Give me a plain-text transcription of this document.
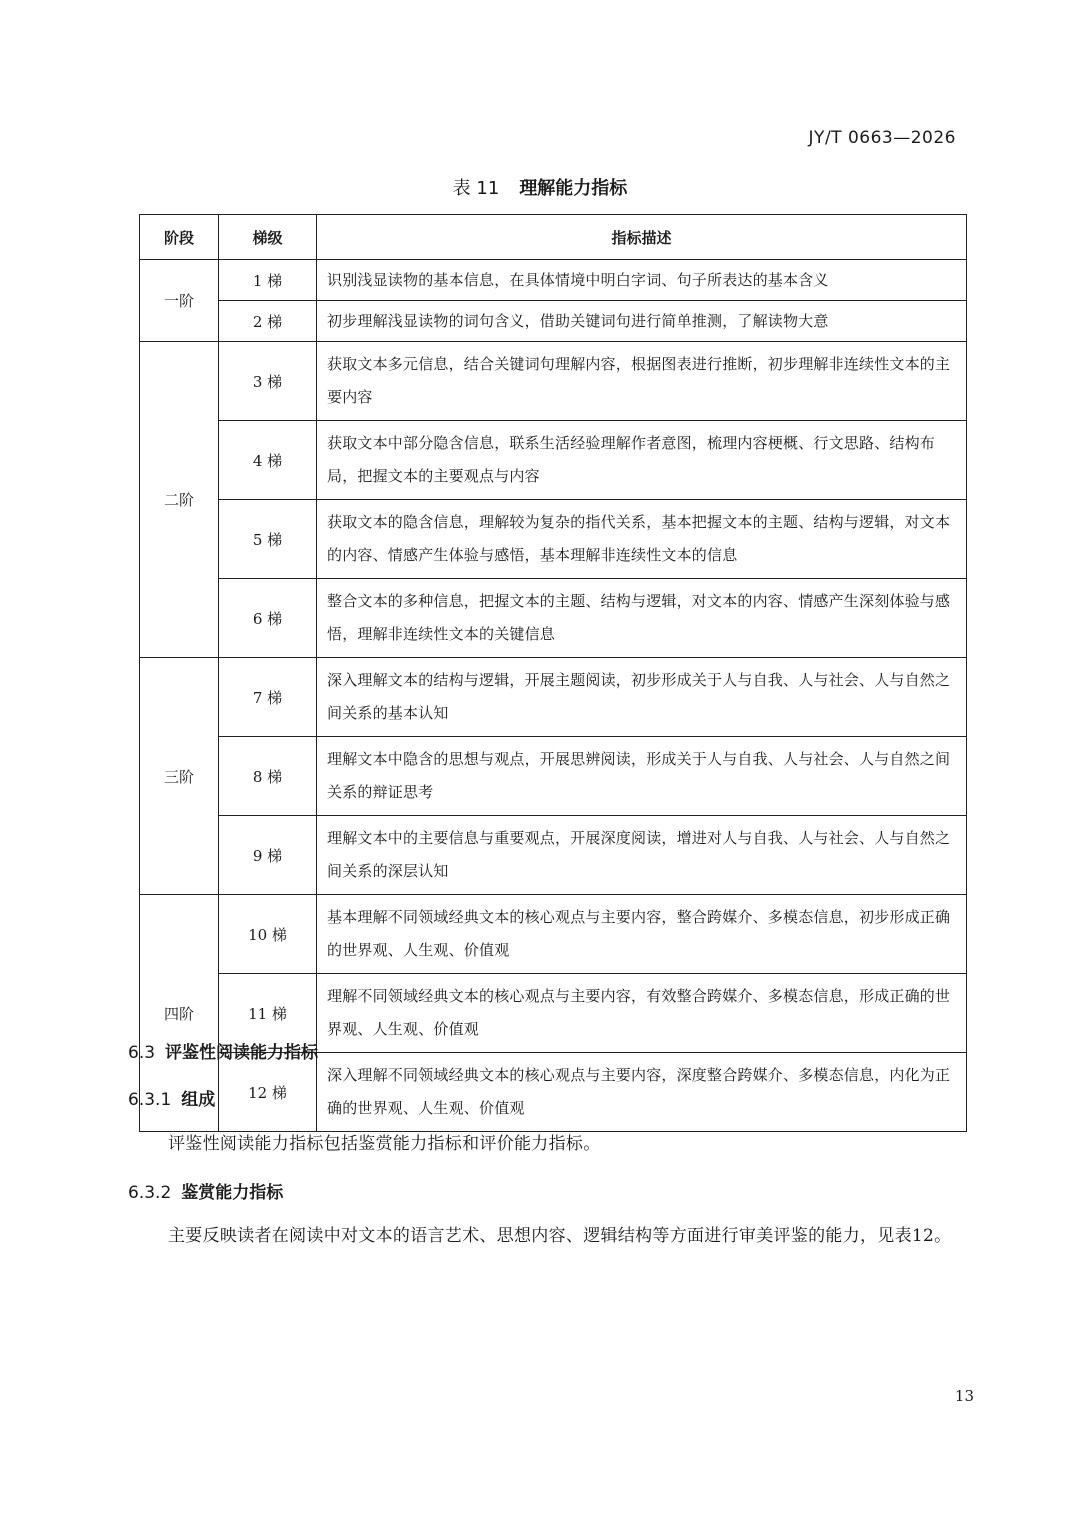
JY/T 0663—2026
表 11 理解能力指标
阶段	梯级	指标描述
一阶	1 梯	识别浅显读物的基本信息，在具体情境中明白字词、句子所表达的基本含义
	2 梯	初步理解浅显读物的词句含义，借助关键词句进行简单推测，了解读物大意
二阶	3 梯	获取文本多元信息，结合关键词句理解内容，根据图表进行推断，初步理解非连续性文本的主要内容
	4 梯	获取文本中部分隐含信息，联系生活经验理解作者意图，梳理内容梗概、行文思路、结构布局，把握文本的主要观点与内容
	5 梯	获取文本的隐含信息，理解较为复杂的指代关系，基本把握文本的主题、结构与逻辑，对文本的内容、情感产生体验与感悟，基本理解非连续性文本的信息
	6 梯	整合文本的多种信息，把握文本的主题、结构与逻辑，对文本的内容、情感产生深刻体验与感悟，理解非连续性文本的关键信息
三阶	7 梯	深入理解文本的结构与逻辑，开展主题阅读，初步形成关于人与自我、人与社会、人与自然之间关系的基本认知
	8 梯	理解文本中隐含的思想与观点，开展思辨阅读，形成关于人与自我、人与社会、人与自然之间关系的辩证思考
	9 梯	理解文本中的主要信息与重要观点，开展深度阅读，增进对人与自我、人与社会、人与自然之间关系的深层认知
四阶	10 梯	基本理解不同领域经典文本的核心观点与主要内容，整合跨媒介、多模态信息，初步形成正确的世界观、人生观、价值观
	11 梯	理解不同领域经典文本的核心观点与主要内容，有效整合跨媒介、多模态信息，形成正确的世界观、人生观、价值观
	12 梯	深入理解不同领域经典文本的核心观点与主要内容，深度整合跨媒介、多模态信息，内化为正确的世界观、人生观、价值观
6.3 评鉴性阅读能力指标
6.3.1 组成
评鉴性阅读能力指标包括鉴赏能力指标和评价能力指标。
6.3.2 鉴赏能力指标
主要反映读者在阅读中对文本的语言艺术、思想内容、逻辑结构等方面进行审美评鉴的能力，见表12。
13
